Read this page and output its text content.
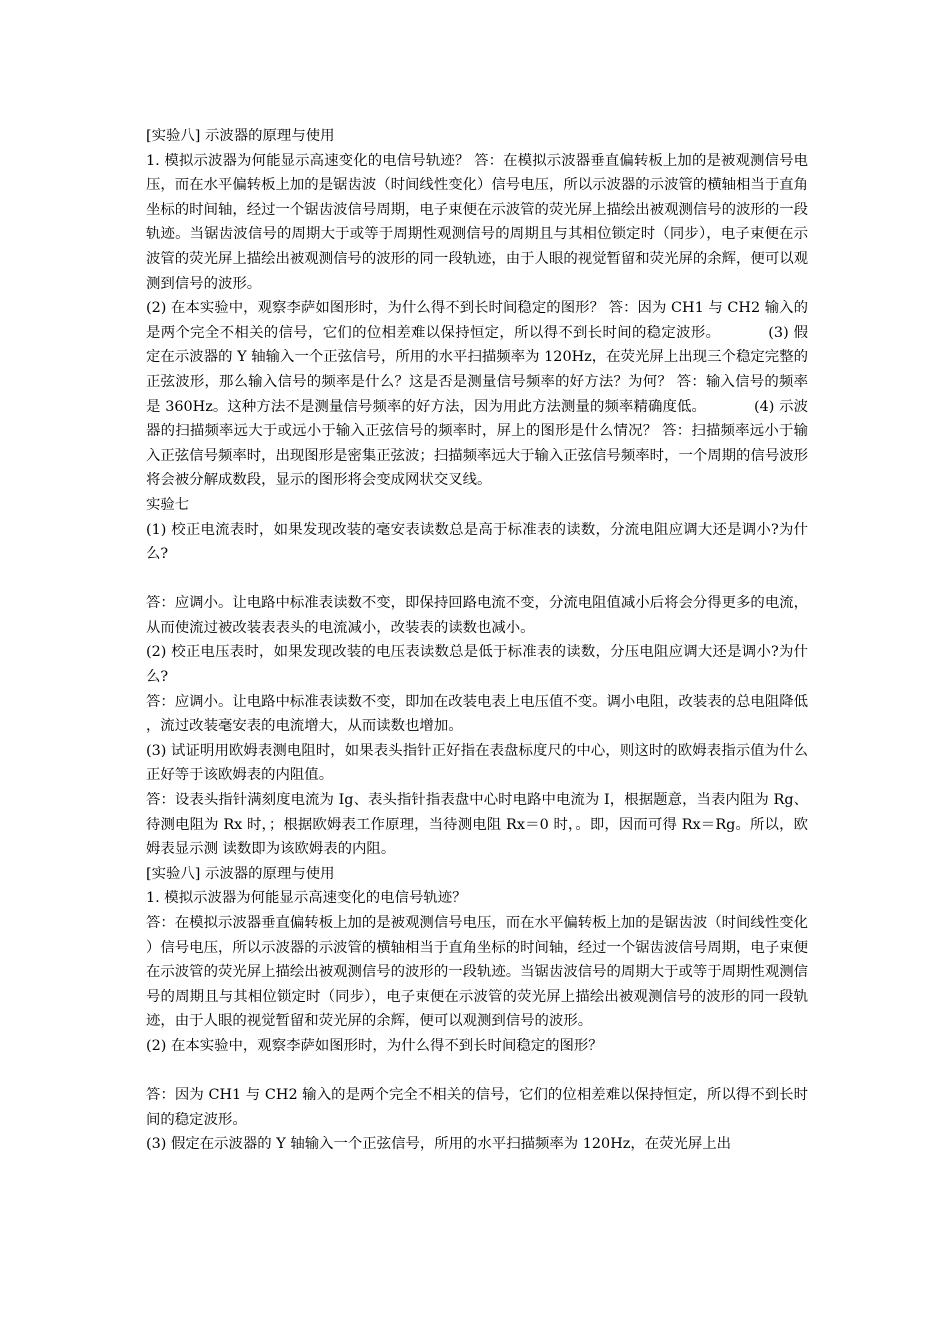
[实验八] 示波器的原理与使用

1. 模拟示波器为何能显示高速变化的电信号轨迹？ 答：在模拟示波器垂直偏转板上加的是被观测信号电压，而在水平偏转板上加的是锯齿波（时间线性变化）信号电压，所以示波器的示波管的横轴相当于直角坐标的时间轴，经过一个锯齿波信号周期，电子束便在示波管的荧光屏上描绘出被观测信号的波形的一段轨迹。当锯齿波信号的周期大于或等于周期性观测信号的周期且与其相位锁定时（同步），电子束便在示波管的荧光屏上描绘出被观测信号的波形的同一段轨迹，由于人眼的视觉暂留和荧光屏的余辉，便可以观测到信号的波形。

(2) 在本实验中，观察李萨如图形时，为什么得不到长时间稳定的图形？ 答：因为 CH1 与 CH2 输入的是两个完全不相关的信号，它们的位相差难以保持恒定，所以得不到长时间的稳定波形。	(3) 假定在示波器的 Y 轴输入一个正弦信号，所用的水平扫描频率为 120Hz，在荧光屏上出现三个稳定完整的正弦波形，那么输入信号的频率是什么？这是否是测量信号频率的好方法？为何？ 答：输入信号的频率是 360Hz。这种方法不是测量信号频率的好方法，因为用此方法测量的频率精确度低。	(4) 示波器的扫描频率远大于或远小于输入正弦信号的频率时，屏上的图形是什么情况？ 答：扫描频率远小于输入正弦信号频率时，出现图形是密集正弦波；扫描频率远大于输入正弦信号频率时，一个周期的信号波形将会被分解成数段，显示的图形将会变成网状交叉线。

实验七

(1) 校正电流表时，如果发现改装的毫安表读数总是高于标准表的读数，分流电阻应调大还是调小?为什么?

答：应调小。让电路中标准表读数不变，即保持回路电流不变，分流电阻值减小后将会分得更多的电流，从而使流过被改装表表头的电流减小，改装表的读数也减小。

(2) 校正电压表时，如果发现改装的电压表读数总是低于标准表的读数，分压电阻应调大还是调小?为什么?

答：应调小。让电路中标准表读数不变，即加在改装电表上电压值不变。调小电阻，改装表的总电阻降低，流过改装毫安表的电流增大，从而读数也增加。

(3) 试证明用欧姆表测电阻时，如果表头指针正好指在表盘标度尺的中心，则这时的欧姆表指示值为什么正好等于该欧姆表的内阻值。

答：设表头指针满刻度电流为 Ig、表头指针指表盘中心时电路中电流为 I，根据题意，当表内阻为 Rg、待测电阻为 Rx 时，；根据欧姆表工作原理，当待测电阻 Rx＝0 时，。即，因而可得 Rx＝Rg。所以，欧姆表显示测 读数即为该欧姆表的内阻。

[实验八] 示波器的原理与使用

1. 模拟示波器为何能显示高速变化的电信号轨迹？

答：在模拟示波器垂直偏转板上加的是被观测信号电压，而在水平偏转板上加的是锯齿波（时间线性变化）信号电压，所以示波器的示波管的横轴相当于直角坐标的时间轴，经过一个锯齿波信号周期，电子束便在示波管的荧光屏上描绘出被观测信号的波形的一段轨迹。当锯齿波信号的周期大于或等于周期性观测信号的周期且与其相位锁定时（同步），电子束便在示波管的荧光屏上描绘出被观测信号的波形的同一段轨迹，由于人眼的视觉暂留和荧光屏的余辉，便可以观测到信号的波形。

(2) 在本实验中，观察李萨如图形时，为什么得不到长时间稳定的图形？

答：因为 CH1 与 CH2 输入的是两个完全不相关的信号，它们的位相差难以保持恒定，所以得不到长时间的稳定波形。

(3) 假定在示波器的 Y 轴输入一个正弦信号，所用的水平扫描频率为 120Hz，在荧光屏上出
